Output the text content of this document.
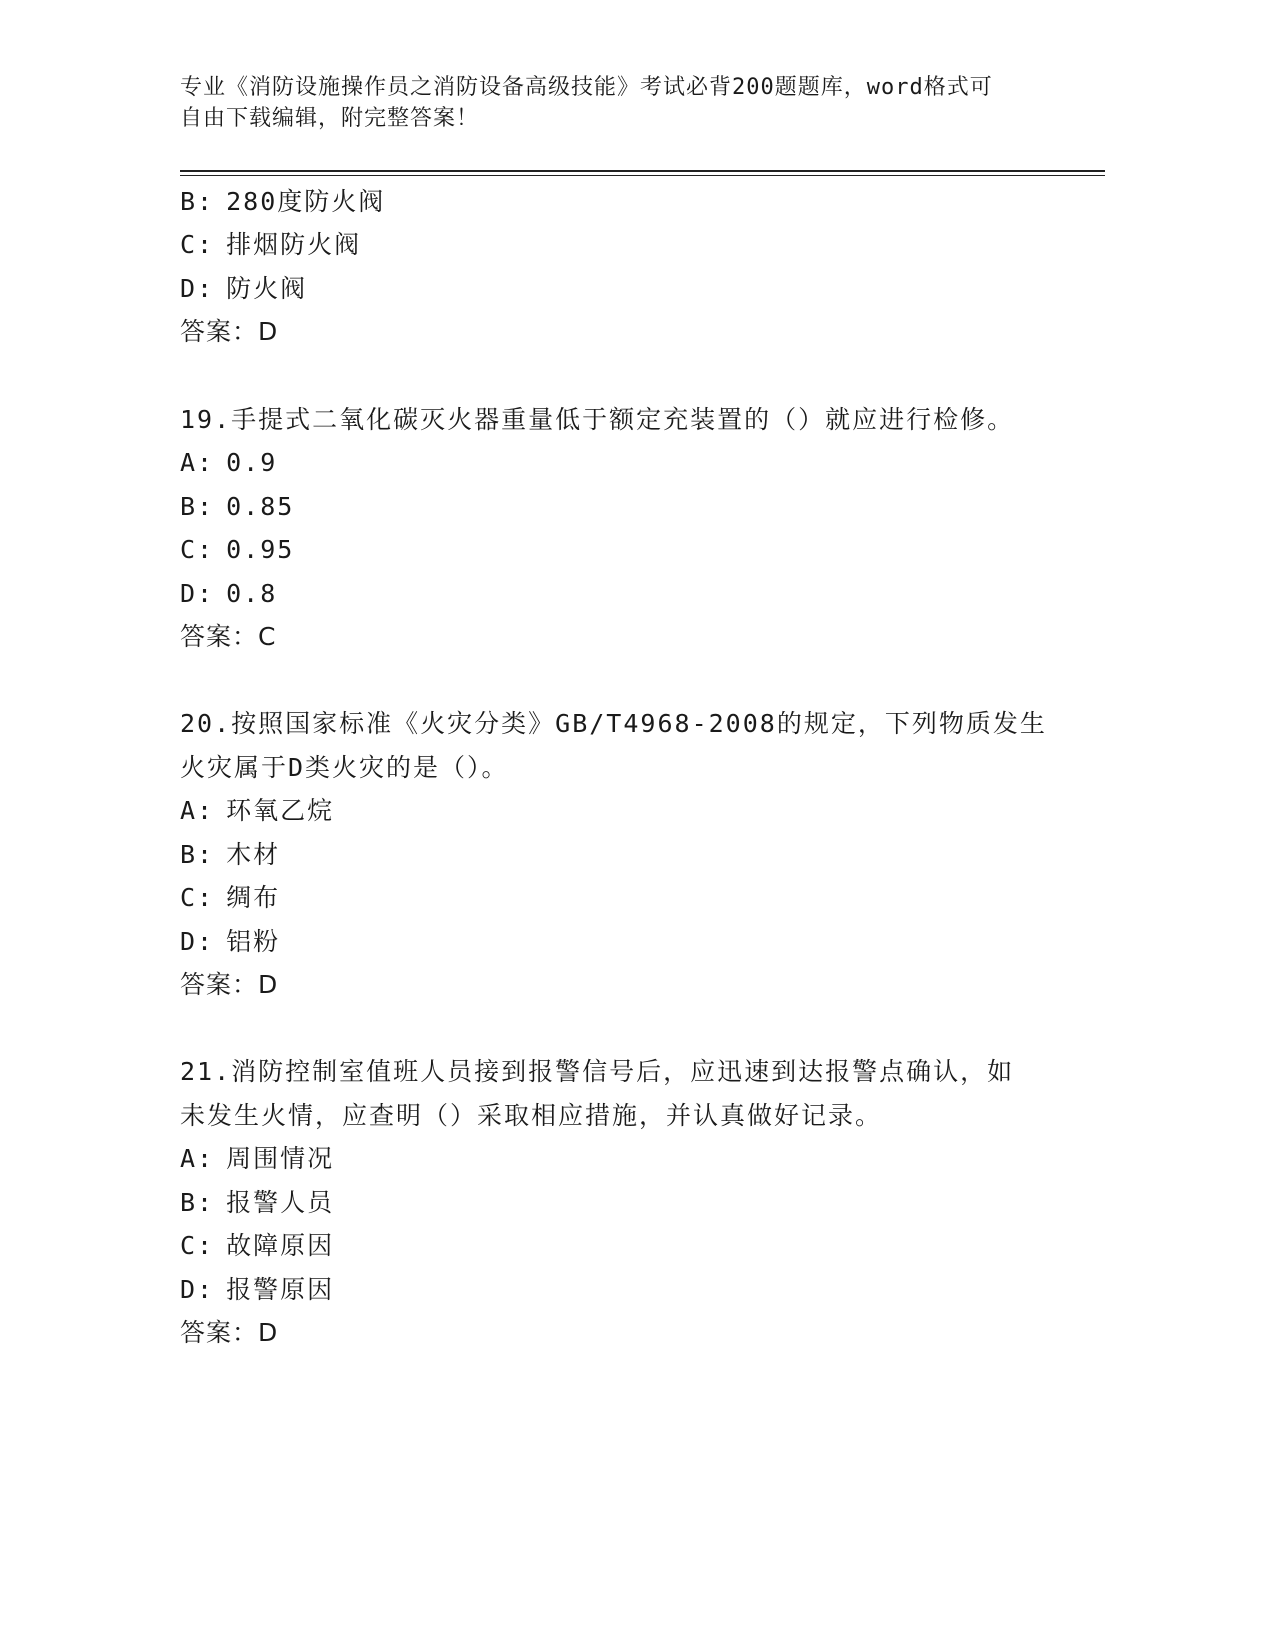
专业《消防设施操作员之消防设备高级技能》考试必背200题题库，word格式可
自由下载编辑，附完整答案！
B: 280度防火阀
C: 排烟防火阀
D: 防火阀
答案：D
19.手提式二氧化碳灭火器重量低于额定充装置的（）就应进行检修。
A: 0.9
B: 0.85
C: 0.95
D: 0.8
答案：C
20.按照国家标准《火灾分类》GB/T4968-2008的规定，下列物质发生
火灾属于D类火灾的是（）。
A: 环氧乙烷
B: 木材
C: 绸布
D: 铝粉
答案：D
21.消防控制室值班人员接到报警信号后，应迅速到达报警点确认，如
未发生火情，应查明（）采取相应措施，并认真做好记录。
A: 周围情况
B: 报警人员
C: 故障原因
D: 报警原因
答案：D
